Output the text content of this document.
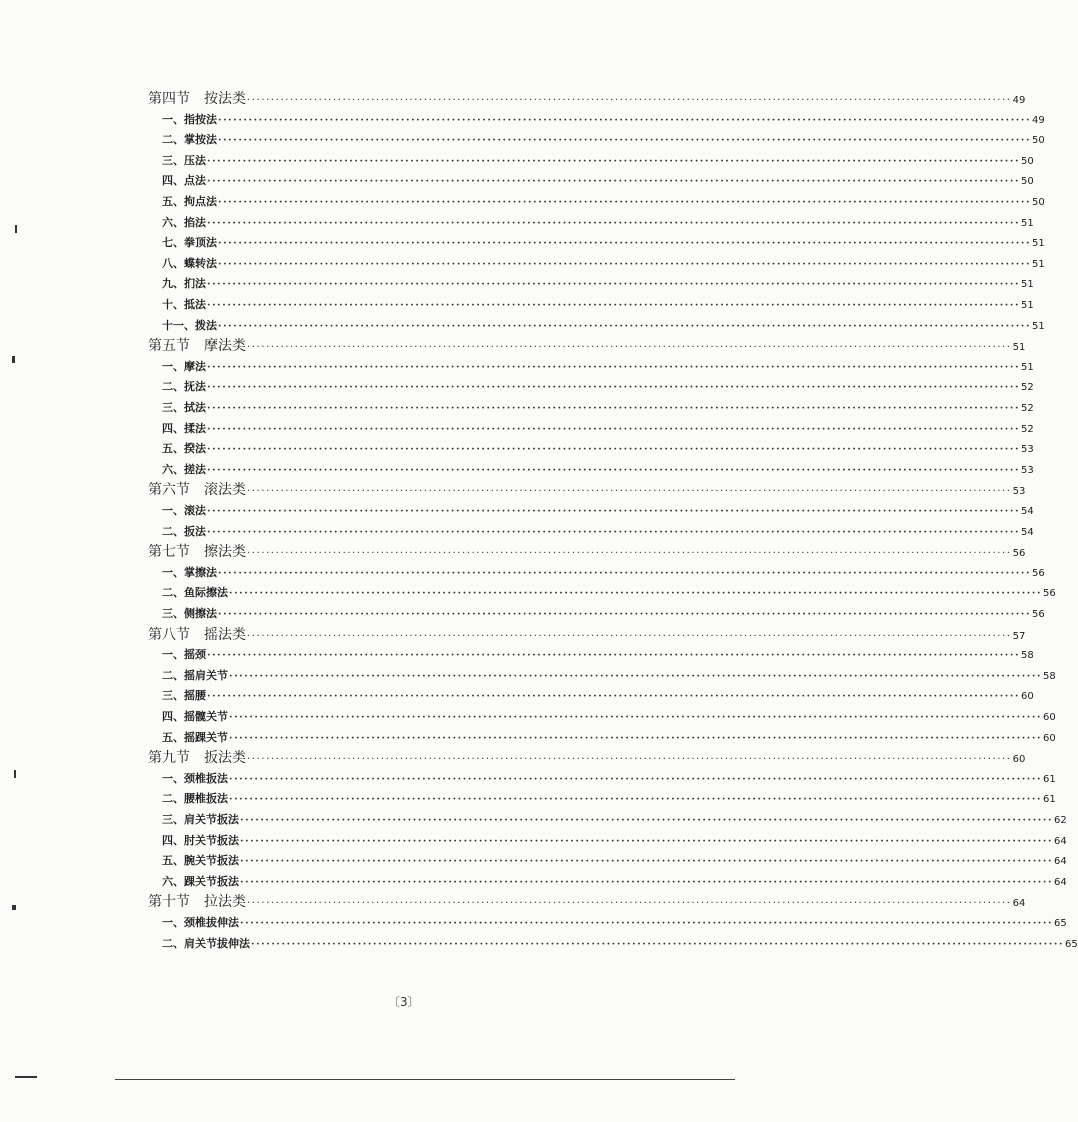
第四节 按法类 ································································································································································ 49
一、指按法 ································································································································································ 49
二、掌按法 ································································································································································ 50
三、压法 ································································································································································ 50
四、点法 ································································································································································ 50
五、拘点法 ································································································································································ 50
六、掐法 ································································································································································ 51
七、拳顶法 ································································································································································ 51
八、蝶转法 ································································································································································ 51
九、扪法 ································································································································································ 51
十、抵法 ································································································································································ 51
十一、拨法 ································································································································································ 51
第五节 摩法类 ································································································································································ 51
一、摩法 ································································································································································ 51
二、抚法 ································································································································································ 52
三、拭法 ································································································································································ 52
四、揉法 ································································································································································ 52
五、揆法 ································································································································································ 53
六、搓法 ································································································································································ 53
第六节 滚法类 ································································································································································ 53
一、滚法 ································································································································································ 54
二、扳法 ································································································································································ 54
第七节 擦法类 ································································································································································ 56
一、掌擦法 ································································································································································ 56
二、鱼际擦法 ································································································································································ 56
三、侧擦法 ································································································································································ 56
第八节 摇法类 ································································································································································ 57
一、摇颈 ································································································································································ 58
二、摇肩关节 ································································································································································ 58
三、摇腰 ································································································································································ 60
四、摇髋关节 ································································································································································ 60
五、摇踝关节 ································································································································································ 60
第九节 扳法类 ································································································································································ 60
一、颈椎扳法 ································································································································································ 61
二、腰椎扳法 ································································································································································ 61
三、肩关节扳法 ································································································································································ 62
四、肘关节扳法 ································································································································································ 64
五、腕关节扳法 ································································································································································ 64
六、踝关节扳法 ································································································································································ 64
第十节 拉法类 ································································································································································ 64
一、颈椎拔伸法 ································································································································································ 65
二、肩关节拔伸法 ································································································································································ 65
〔3〕
